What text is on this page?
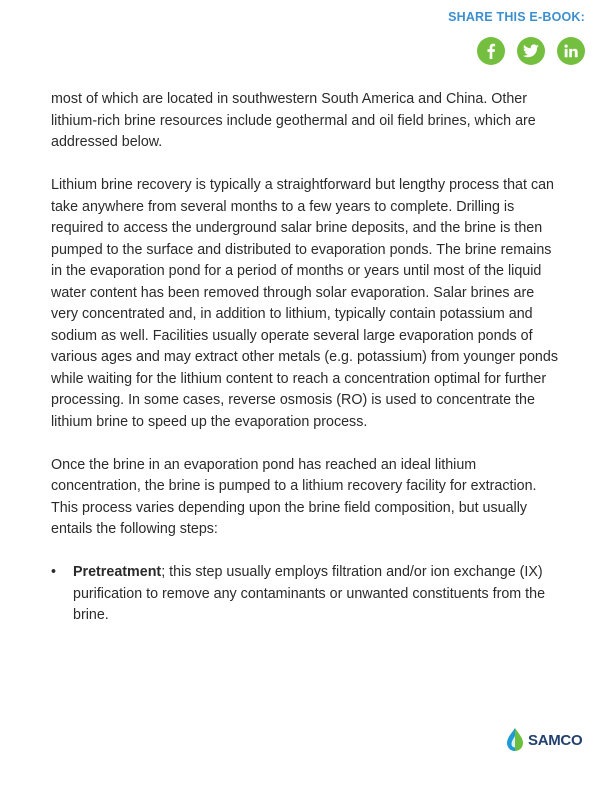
SHARE THIS E-BOOK:

most of which are located in southwestern South America and China. Other lithium-rich brine resources include geothermal and oil field brines, which are addressed below.

Lithium brine recovery is typically a straightforward but lengthy process that can take anywhere from several months to a few years to complete. Drilling is required to access the underground salar brine deposits, and the brine is then pumped to the surface and distributed to evaporation ponds. The brine remains in the evaporation pond for a period of months or years until most of the liquid water content has been removed through solar evaporation. Salar brines are very concentrated and, in addition to lithium, typically contain potassium and sodium as well. Facilities usually operate several large evaporation ponds of various ages and may extract other metals (e.g. potassium) from younger ponds while waiting for the lithium content to reach a concentration optimal for further processing. In some cases, reverse osmosis (RO) is used to concentrate the lithium brine to speed up the evaporation process.

Once the brine in an evaporation pond has reached an ideal lithium concentration, the brine is pumped to a lithium recovery facility for extraction. This process varies depending upon the brine field composition, but usually entails the following steps:

• Pretreatment; this step usually employs filtration and/or ion exchange (IX) purification to remove any contaminants or unwanted constituents from the brine.
SAMCO
